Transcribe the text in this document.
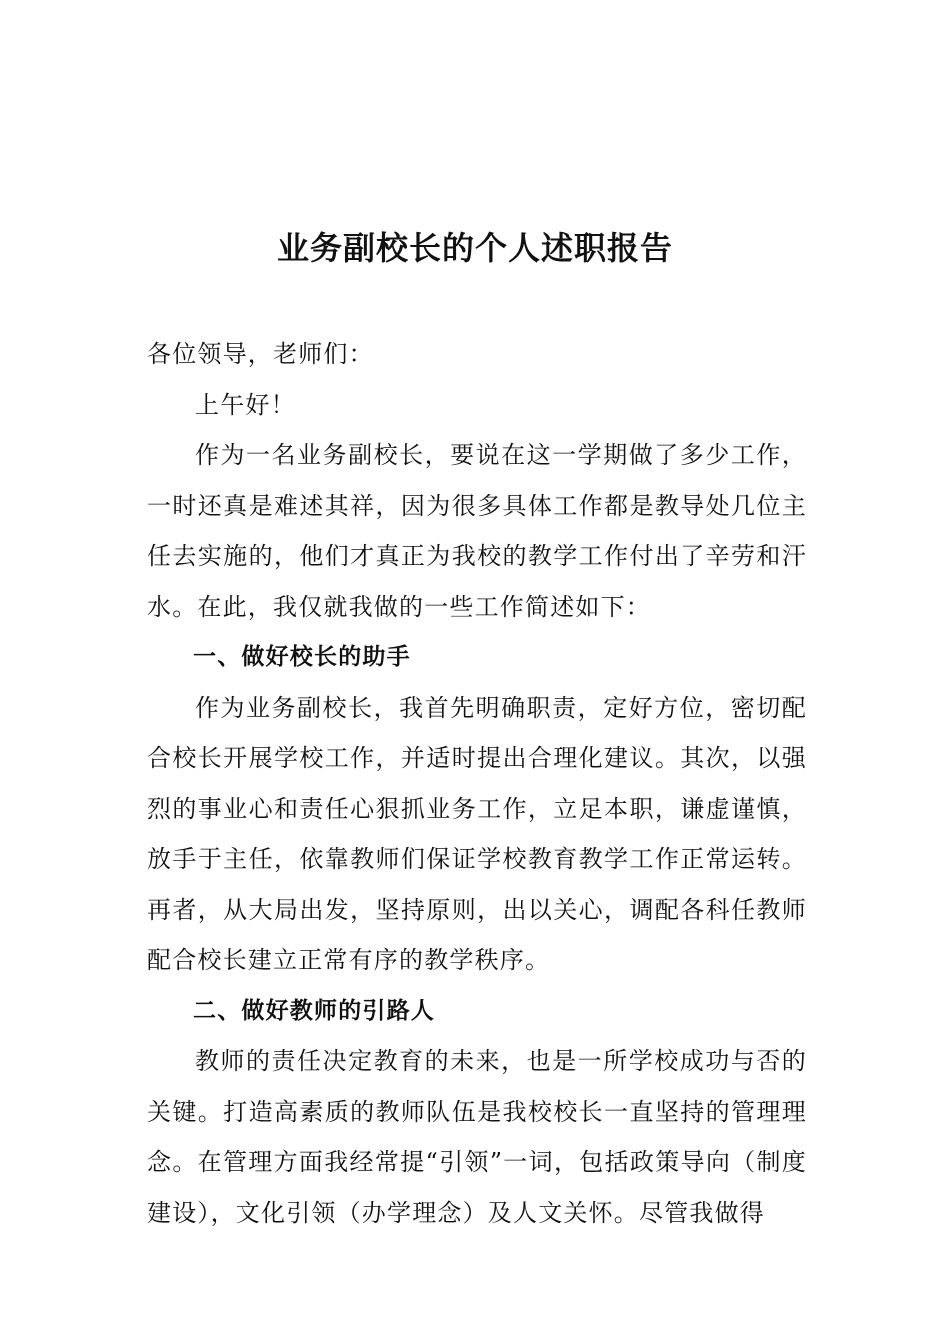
业务副校长的个人述职报告

各位领导，老师们：

上午好！

作为一名业务副校长，要说在这一学期做了多少工作，一时还真是难述其祥，因为很多具体工作都是教导处几位主任去实施的，他们才真正为我校的教学工作付出了辛劳和汗水。在此，我仅就我做的一些工作简述如下：

一、做好校长的助手

作为业务副校长，我首先明确职责，定好方位，密切配合校长开展学校工作，并适时提出合理化建议。其次，以强烈的事业心和责任心狠抓业务工作，立足本职，谦虚谨慎，放手于主任，依靠教师们保证学校教育教学工作正常运转。再者，从大局出发，坚持原则，出以关心，调配各科任教师配合校长建立正常有序的教学秩序。

二、做好教师的引路人

教师的责任决定教育的未来，也是一所学校成功与否的关键。打造高素质的教师队伍是我校校长一直坚持的管理理念。在管理方面我经常提“引领”一词，包括政策导向（制度建设），文化引领（办学理念）及人文关怀。尽管我做得
